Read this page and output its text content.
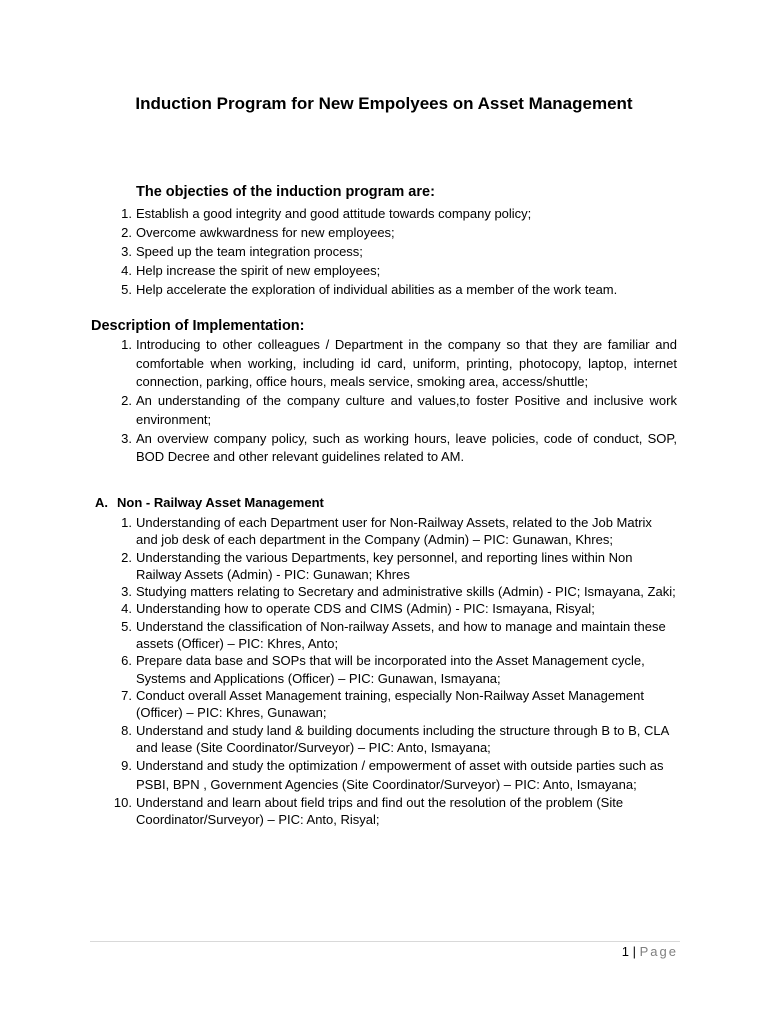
Induction Program for New Empolyees on Asset Management
The objecties of the induction program are:
1. Establish a good integrity and good attitude towards company policy;
2. Overcome awkwardness for new employees;
3. Speed up the team integration process;
4. Help increase the spirit of new employees;
5. Help accelerate the exploration of individual abilities as a member of the work team.
Description of Implementation:
1. Introducing to other colleagues / Department in the company so that they are familiar and comfortable when working, including id card, uniform, printing, photocopy, laptop, internet connection, parking, office hours, meals service, smoking area, access/shuttle;
2. An understanding of the company culture and values,to foster Positive and inclusive work environment;
3. An overview company policy, such as working hours, leave policies, code of conduct, SOP, BOD Decree and other relevant guidelines related to AM.
A. Non - Railway Asset Management
1. Understanding of each Department user for Non-Railway Assets, related to the Job Matrix and job desk of each department in the Company (Admin) – PIC: Gunawan, Khres;
2. Understanding the various Departments, key personnel, and reporting lines within Non Railway Assets (Admin) - PIC: Gunawan; Khres
3. Studying matters relating to Secretary and administrative skills (Admin) - PIC; Ismayana, Zaki;
4. Understanding how to operate CDS and CIMS (Admin) - PIC: Ismayana, Risyal;
5. Understand the classification of Non-railway Assets, and how to manage and maintain these assets (Officer) – PIC: Khres, Anto;
6. Prepare data base and SOPs that will be incorporated into the Asset Management cycle, Systems and Applications (Officer) – PIC: Gunawan, Ismayana;
7. Conduct overall Asset Management training, especially Non-Railway Asset Management (Officer) – PIC: Khres, Gunawan;
8. Understand and study land & building documents including the structure through B to B, CLA and lease (Site Coordinator/Surveyor) – PIC: Anto, Ismayana;
9. Understand and study the optimization / empowerment of asset with outside parties such as PSBI, BPN , Government Agencies (Site Coordinator/Surveyor) – PIC: Anto, Ismayana;
10. Understand and learn about field trips and find out the resolution of the problem (Site Coordinator/Surveyor) – PIC: Anto, Risyal;
1 | Page
